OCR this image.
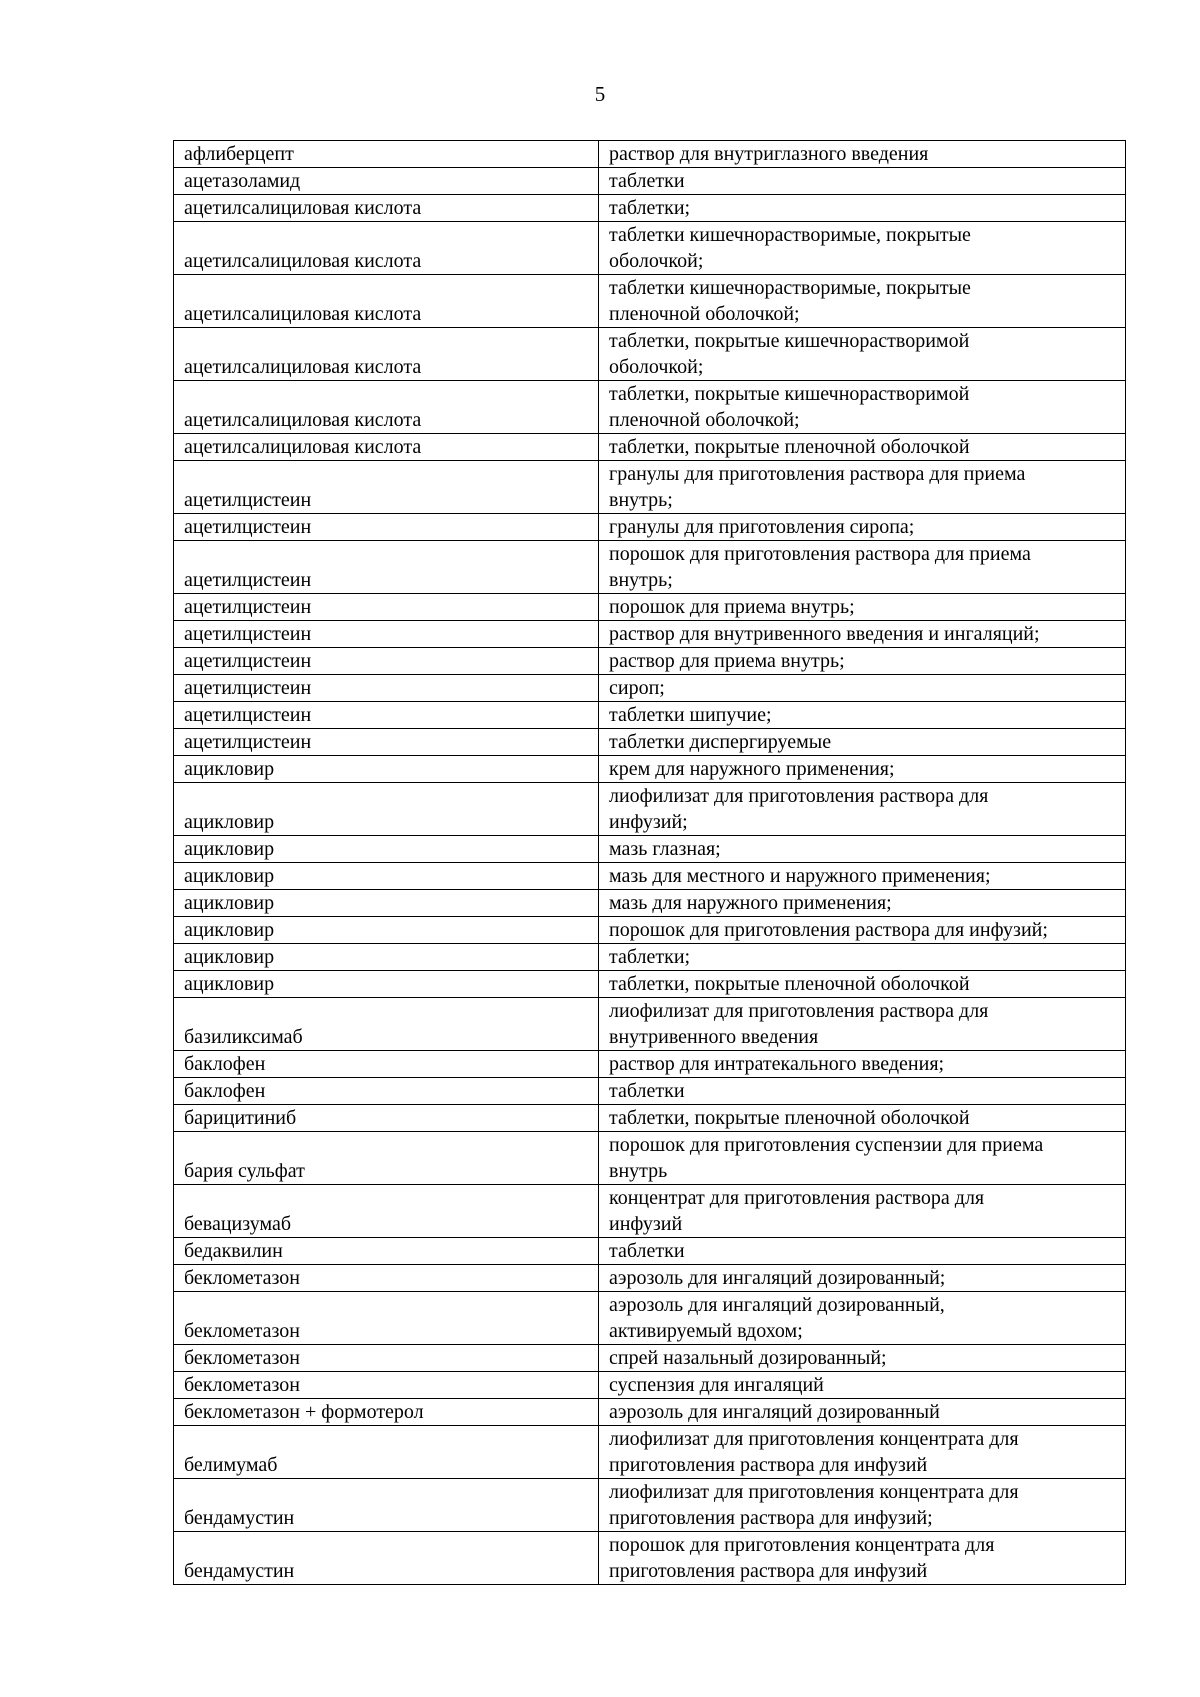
5
афлиберцепт	раствор для внутриглазного введения
ацетазоламид	таблетки
ацетилсалициловая кислота	таблетки;
ацетилсалициловая кислота	таблетки кишечнорастворимые, покрытые
оболочкой;
ацетилсалициловая кислота	таблетки кишечнорастворимые, покрытые
пленочной оболочкой;
ацетилсалициловая кислота	таблетки, покрытые кишечнорастворимой
оболочкой;
ацетилсалициловая кислота	таблетки, покрытые кишечнорастворимой
пленочной оболочкой;
ацетилсалициловая кислота	таблетки, покрытые пленочной оболочкой
ацетилцистеин	гранулы для приготовления раствора для приема
внутрь;
ацетилцистеин	гранулы для приготовления сиропа;
ацетилцистеин	порошок для приготовления раствора для приема
внутрь;
ацетилцистеин	порошок для приема внутрь;
ацетилцистеин	раствор для внутривенного введения и ингаляций;
ацетилцистеин	раствор для приема внутрь;
ацетилцистеин	сироп;
ацетилцистеин	таблетки шипучие;
ацетилцистеин	таблетки диспергируемые
ацикловир	крем для наружного применения;
ацикловир	лиофилизат для приготовления раствора для
инфузий;
ацикловир	мазь глазная;
ацикловир	мазь для местного и наружного применения;
ацикловир	мазь для наружного применения;
ацикловир	порошок для приготовления раствора для инфузий;
ацикловир	таблетки;
ацикловир	таблетки, покрытые пленочной оболочкой
базиликсимаб	лиофилизат для приготовления раствора для
внутривенного введения
баклофен	раствор для интратекального введения;
баклофен	таблетки
барицитиниб	таблетки, покрытые пленочной оболочкой
бария сульфат	порошок для приготовления суспензии для приема
внутрь
бевацизумаб	концентрат для приготовления раствора для
инфузий
бедаквилин	таблетки
беклометазон	аэрозоль для ингаляций дозированный;
беклометазон	аэрозоль для ингаляций дозированный,
активируемый вдохом;
беклометазон	спрей назальный дозированный;
беклометазон	суспензия для ингаляций
беклометазон + формотерол	аэрозоль для ингаляций дозированный
белимумаб	лиофилизат для приготовления концентрата для
приготовления раствора для инфузий
бендамустин	лиофилизат для приготовления концентрата для
приготовления раствора для инфузий;
бендамустин	порошок для приготовления концентрата для
приготовления раствора для инфузий
